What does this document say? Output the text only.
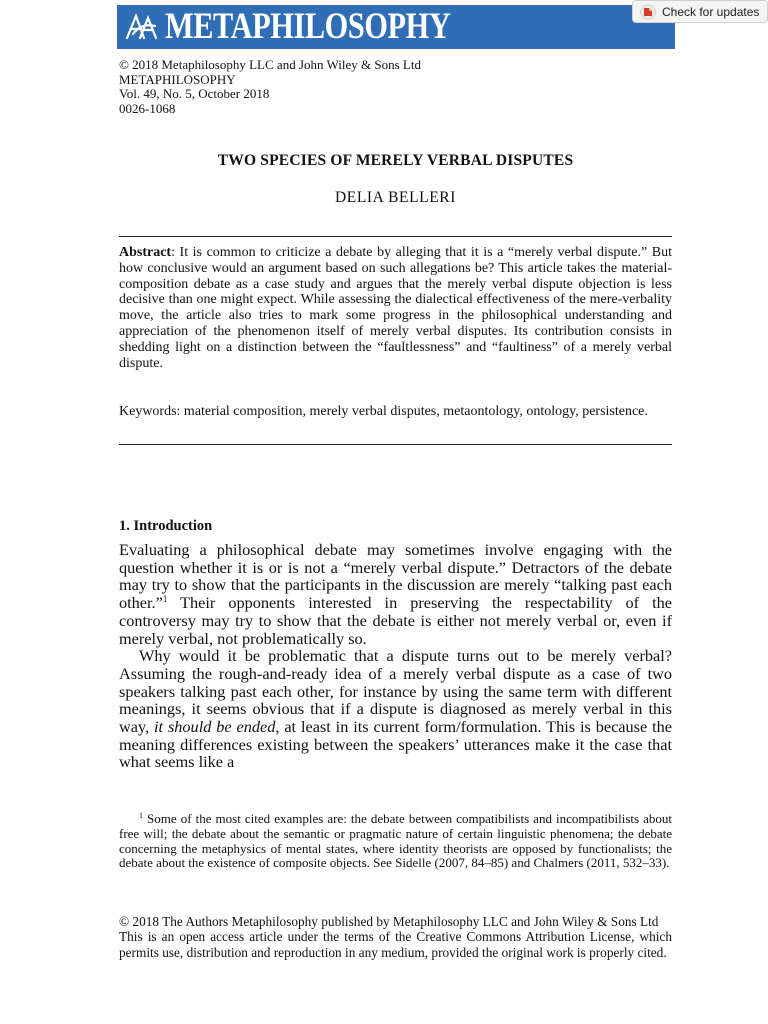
METAPHILOSOPHY	Check for updates
© 2018 Metaphilosophy LLC and John Wiley & Sons Ltd
METAPHILOSOPHY
Vol. 49, No. 5, October 2018
0026-1068
TWO SPECIES OF MERELY VERBAL DISPUTES
DELIA BELLERI
Abstract: It is common to criticize a debate by alleging that it is a “merely verbal dispute.” But how conclusive would an argument based on such allegations be? This article takes the material-composition debate as a case study and argues that the merely verbal dispute objection is less decisive than one might expect. While assessing the dialectical effectiveness of the mere-verbality move, the article also tries to mark some progress in the philosophical understanding and appreciation of the phenomenon itself of merely verbal disputes. Its contribution consists in shedding light on a distinction between the “faultlessness” and “faultiness” of a merely verbal dispute.
Keywords: material composition, merely verbal disputes, metaontology, ontology, persistence.
1. Introduction

Evaluating a philosophical debate may sometimes involve engaging with the question whether it is or is not a “merely verbal dispute.” Detractors of the debate may try to show that the participants in the discussion are merely “talking past each other.”$^1$ Their opponents interested in preserving the respectability of the controversy may try to show that the debate is either not merely verbal or, even if merely verbal, not problematically so.

Why would it be problematic that a dispute turns out to be merely verbal? Assuming the rough-and-ready idea of a merely verbal dispute as a case of two speakers talking past each other, for instance by using the same term with different meanings, it seems obvious that if a dispute is diagnosed as merely verbal in this way, it should be ended, at least in its current form/formulation. This is because the meaning differences existing between the speakers’ utterances make it the case that what seems like a

$^1$ Some of the most cited examples are: the debate between compatibilists and incompatibilists about free will; the debate about the semantic or pragmatic nature of certain linguistic phenomena; the debate concerning the metaphysics of mental states, where identity theorists are opposed by functionalists; the debate about the existence of composite objects. See Sidelle (2007, 84–85) and Chalmers (2011, 532–33).

© 2018 The Authors Metaphilosophy published by Metaphilosophy LLC and John Wiley & Sons Ltd

This is an open access article under the terms of the Creative Commons Attribution License, which permits use, distribution and reproduction in any medium, provided the original work is properly cited.
